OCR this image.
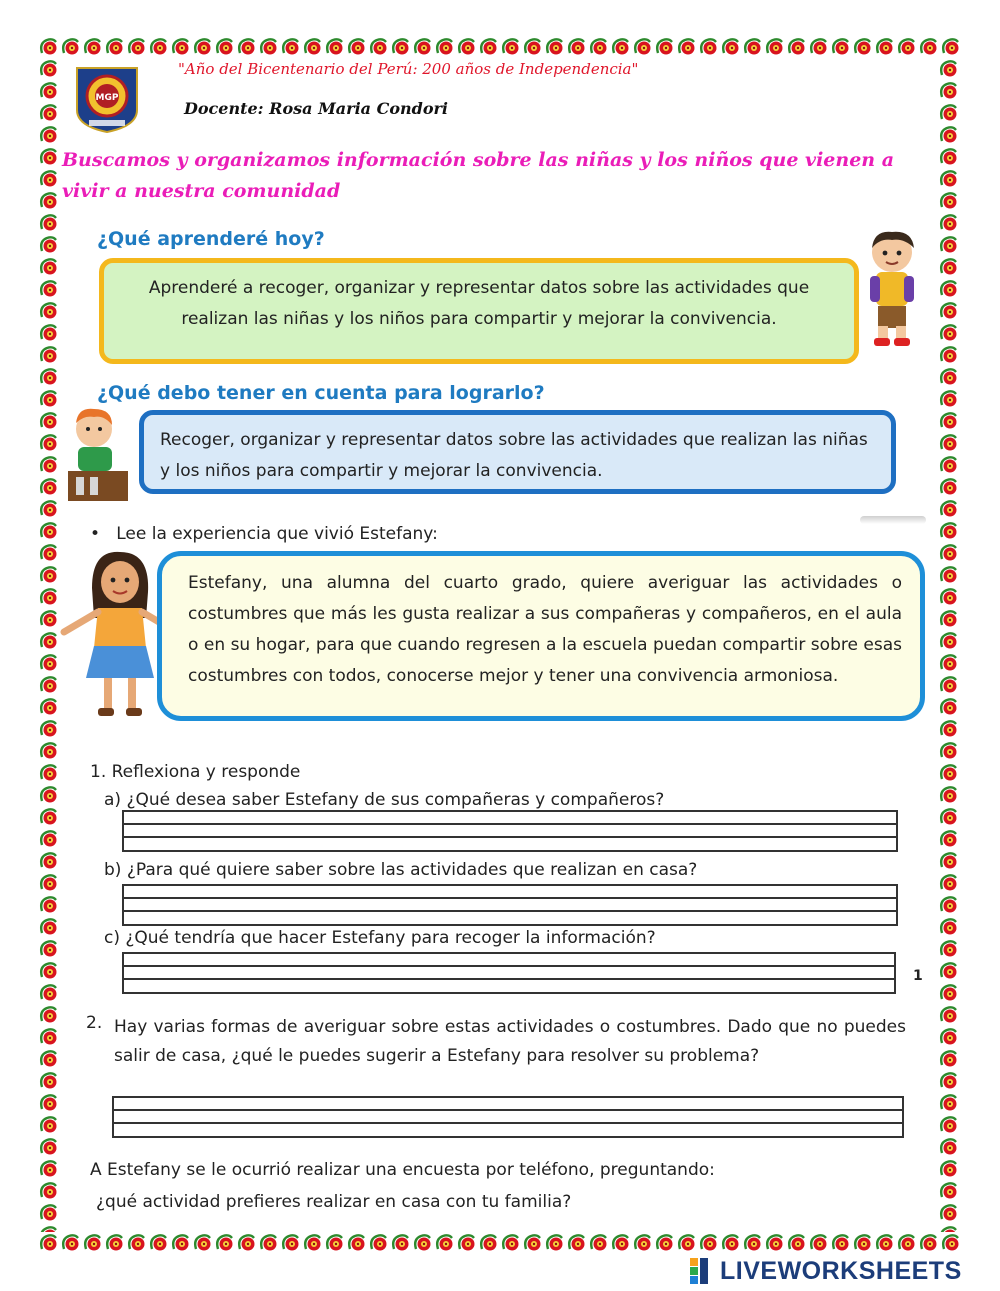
MGP
"Año del Bicentenario del Perú: 200 años de Independencia"
Docente: Rosa Maria Condori
Buscamos y organizamos información sobre las niñas y los niños que vienen a vivir a nuestra comunidad
¿Qué aprenderé hoy?
Aprenderé a recoger, organizar y representar datos sobre las actividades que realizan las niñas y los niños para compartir y mejorar la convivencia.
¿Qué debo tener en cuenta para lograrlo?
Recoger, organizar y representar datos sobre las actividades que realizan las niñas y los niños para compartir y mejorar la convivencia.
•   Lee la experiencia que vivió Estefany:
Estefany, una alumna del cuarto grado, quiere averiguar las actividades o costumbres que más les gusta realizar a sus compañeras y compañeros, en el aula o en su hogar, para que cuando regresen a la escuela puedan compartir sobre esas costumbres con todos, conocerse mejor y tener una convivencia armoniosa.
1. Reflexiona y responde
a) ¿Qué desea saber Estefany de sus compañeras y compañeros?
b) ¿Para qué quiere saber sobre las actividades que realizan en casa?
c) ¿Qué tendría que hacer Estefany para recoger la información?
1
2. Hay varias formas de averiguar sobre estas actividades o costumbres. Dado que no puedes salir de casa, ¿qué le puedes sugerir a Estefany para resolver su problema?
A Estefany se le ocurrió realizar una encuesta por teléfono, preguntando:
¿qué actividad prefieres realizar en casa con tu familia?
LIVEWORKSHEETS
